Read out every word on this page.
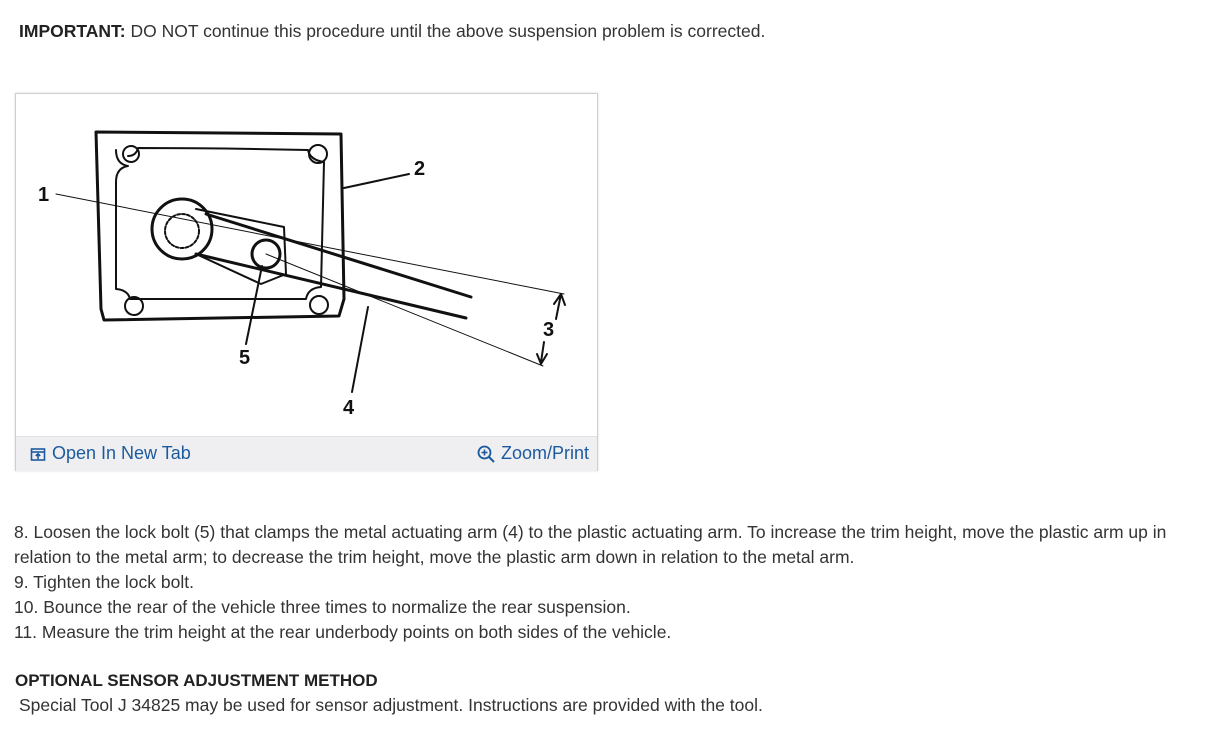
IMPORTANT: DO NOT continue this procedure until the above suspension problem is corrected.
1
2
3
4
5
Open In New Tab	Zoom/Print

8. Loosen the lock bolt (5) that clamps the metal actuating arm (4) to the plastic actuating arm. To increase the trim height, move the plastic arm up in relation to the metal arm; to decrease the trim height, move the plastic arm down in relation to the metal arm.

9. Tighten the lock bolt.

10. Bounce the rear of the vehicle three times to normalize the rear suspension.

11. Measure the trim height at the rear underbody points on both sides of the vehicle.

OPTIONAL SENSOR ADJUSTMENT METHOD
Special Tool J 34825 may be used for sensor adjustment. Instructions are provided with the tool.
